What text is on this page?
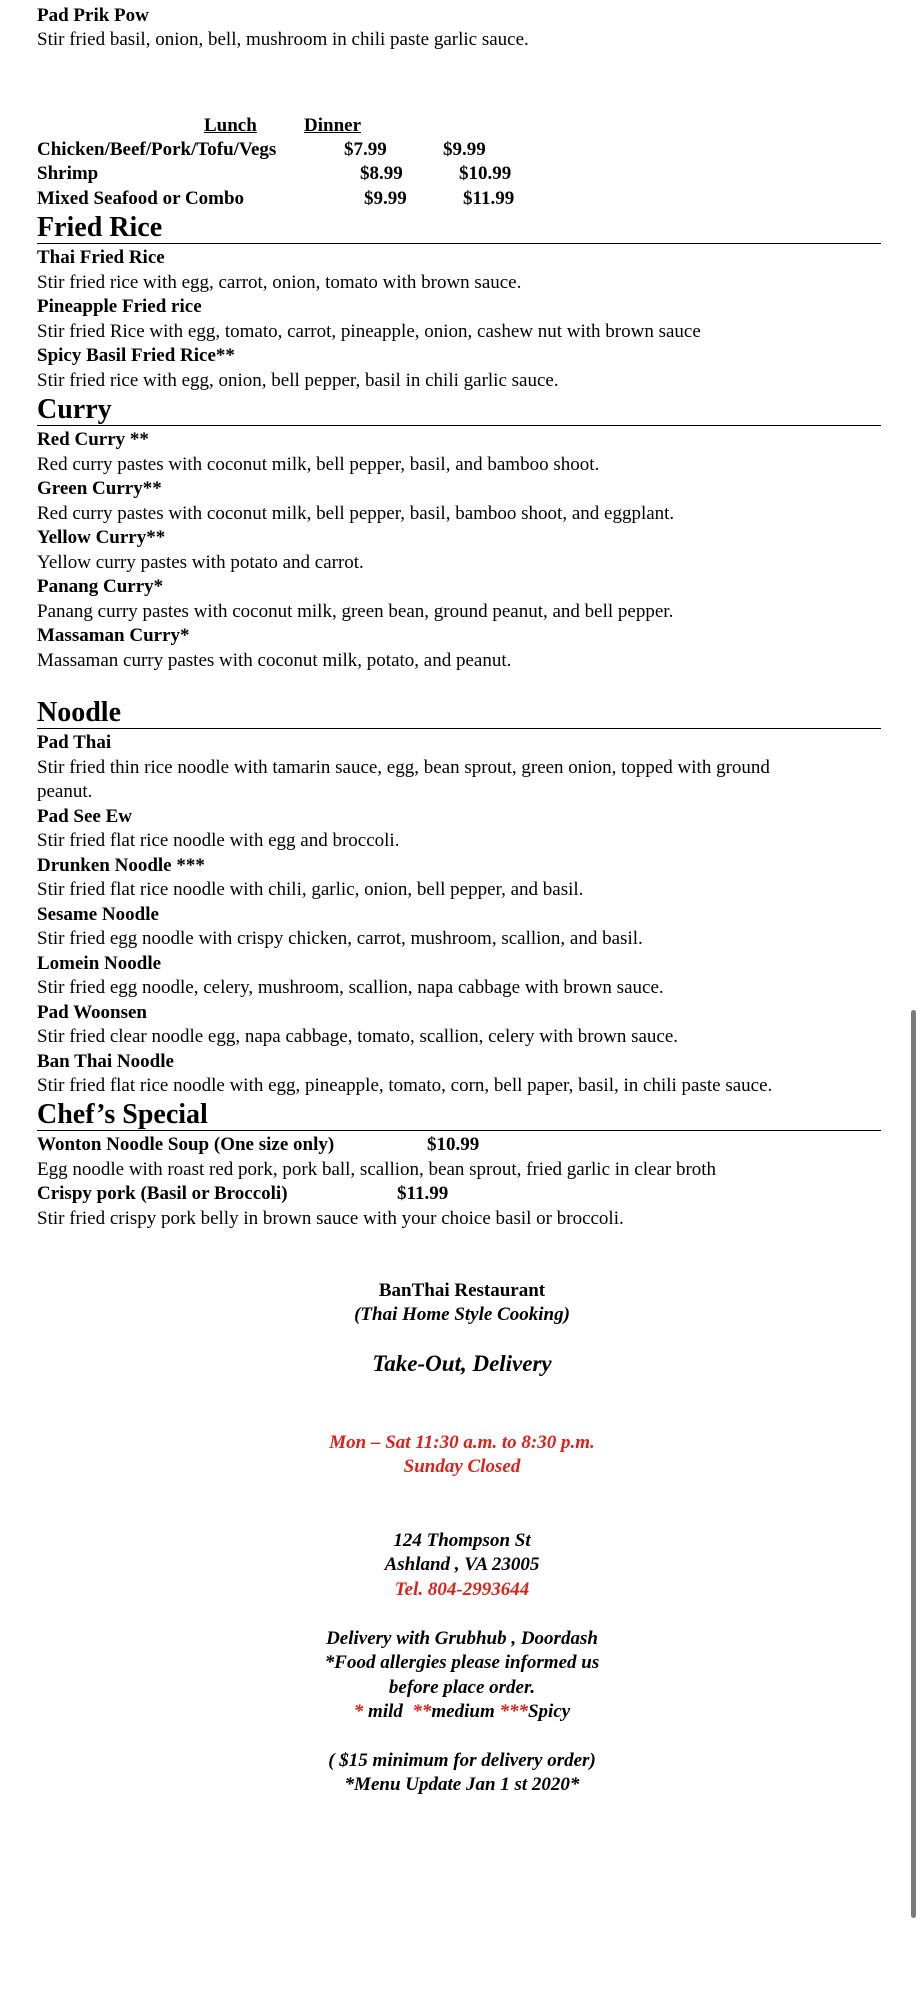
Pad Prik Pow
Stir fried basil, onion, bell, mushroom in chili paste garlic sauce.
Lunch Dinner
Chicken/Beef/Pork/Tofu/Vegs	$7.99	$9.99
Shrimp	$8.99	$10.99
Mixed Seafood or Combo	$9.99	$11.99
Fried Rice
Thai Fried Rice
Stir fried rice with egg, carrot, onion, tomato with brown sauce.
Pineapple Fried rice
Stir fried Rice with egg, tomato, carrot, pineapple, onion, cashew nut with brown sauce
Spicy Basil Fried Rice**
Stir fried rice with egg, onion, bell pepper, basil in chili garlic sauce.
Curry
Red Curry **
Red curry pastes with coconut milk, bell pepper, basil, and bamboo shoot.
Green Curry**
Red curry pastes with coconut milk, bell pepper, basil, bamboo shoot, and eggplant.
Yellow Curry**
Yellow curry pastes with potato and carrot.
Panang Curry*
Panang curry pastes with coconut milk, green bean, ground peanut, and bell pepper.
Massaman Curry*
Massaman curry pastes with coconut milk, potato, and peanut.
Noodle
Pad Thai
Stir fried thin rice noodle with tamarin sauce, egg, bean sprout, green onion, topped with ground
peanut.
Pad See Ew
Stir fried flat rice noodle with egg and broccoli.
Drunken Noodle ***
Stir fried flat rice noodle with chili, garlic, onion, bell pepper, and basil.
Sesame Noodle
Stir fried egg noodle with crispy chicken, carrot, mushroom, scallion, and basil.
Lomein Noodle
Stir fried egg noodle, celery, mushroom, scallion, napa cabbage with brown sauce.
Pad Woonsen
Stir fried clear noodle egg, napa cabbage, tomato, scallion, celery with brown sauce.
Ban Thai Noodle
Stir fried flat rice noodle with egg, pineapple, tomato, corn, bell paper, basil, in chili paste sauce.
Chef’s Special
Wonton Noodle Soup (One size only)	$10.99
Egg noodle with roast red pork, pork ball, scallion, bean sprout, fried garlic in clear broth
Crispy pork (Basil or Broccoli)	$11.99
Stir fried crispy pork belly in brown sauce with your choice basil or broccoli.
BanThai Restaurant
(Thai Home Style Cooking)
Take-Out, Delivery
Mon – Sat 11:30 a.m. to 8:30 p.m.
Sunday Closed
124 Thompson St
Ashland , VA 23005
Tel. 804-2993644
Delivery with Grubhub , Doordash
*Food allergies please informed us
before place order.
* mild  **medium ***Spicy
( $15 minimum for delivery order)
*Menu Update Jan 1 st 2020*
